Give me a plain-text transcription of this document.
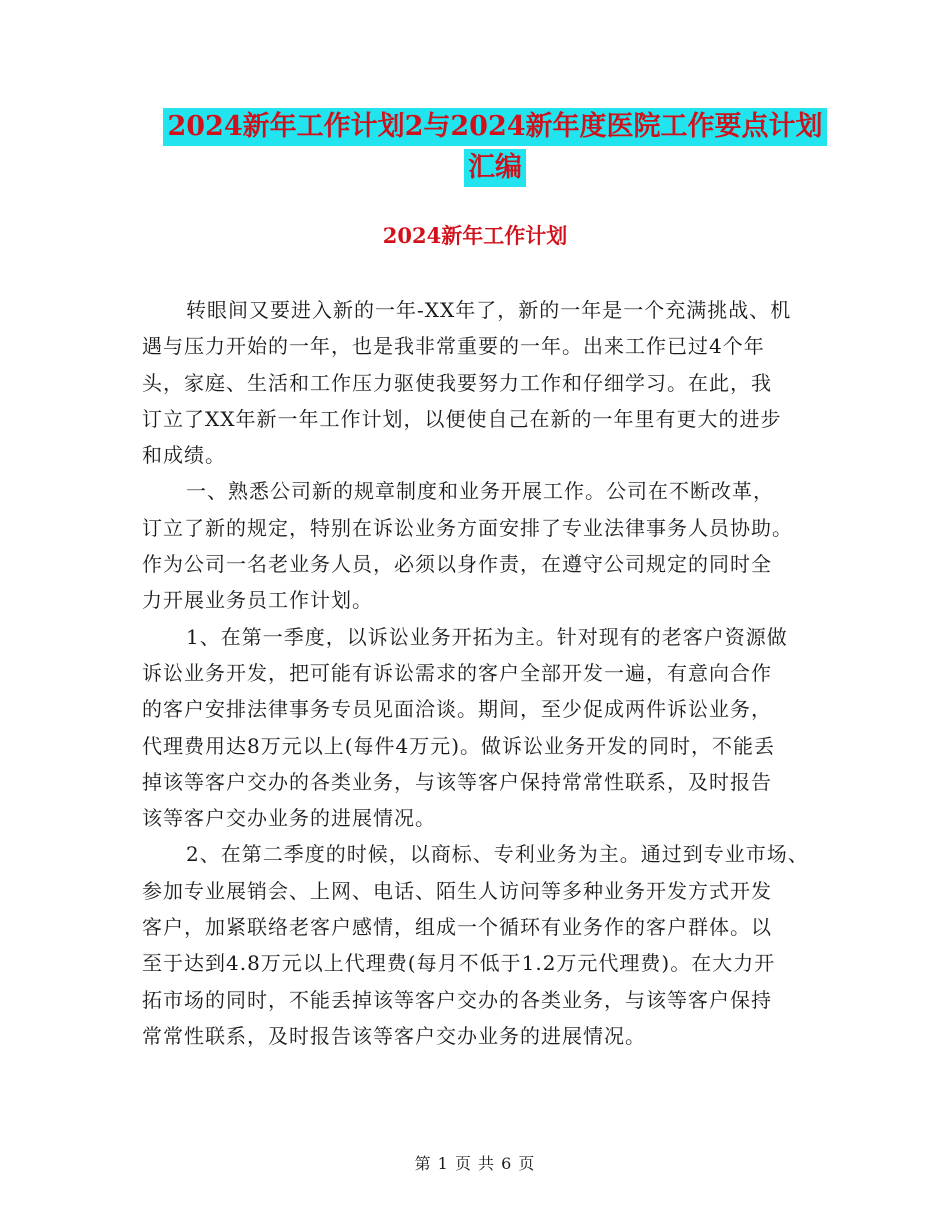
2024新年工作计划2与2024新年度医院工作要点计划
汇编
2024新年工作计划
转眼间又要进入新的一年-XX年了，新的一年是一个充满挑战、机
遇与压力开始的一年，也是我非常重要的一年。出来工作已过4个年
头，家庭、生活和工作压力驱使我要努力工作和仔细学习。在此，我
订立了XX年新一年工作计划，以便使自己在新的一年里有更大的进步
和成绩。
一、熟悉公司新的规章制度和业务开展工作。公司在不断改革，
订立了新的规定，特别在诉讼业务方面安排了专业法律事务人员协助。
作为公司一名老业务人员，必须以身作责，在遵守公司规定的同时全
力开展业务员工作计划。
1、在第一季度，以诉讼业务开拓为主。针对现有的老客户资源做
诉讼业务开发，把可能有诉讼需求的客户全部开发一遍，有意向合作
的客户安排法律事务专员见面洽谈。期间，至少促成两件诉讼业务，
代理费用达8万元以上(每件4万元)。做诉讼业务开发的同时，不能丢
掉该等客户交办的各类业务，与该等客户保持常常性联系，及时报告
该等客户交办业务的进展情况。
2、在第二季度的时候，以商标、专利业务为主。通过到专业市场、
参加专业展销会、上网、电话、陌生人访问等多种业务开发方式开发
客户，加紧联络老客户感情，组成一个循环有业务作的客户群体。以
至于达到4.8万元以上代理费(每月不低于1.2万元代理费)。在大力开
拓市场的同时，不能丢掉该等客户交办的各类业务，与该等客户保持
常常性联系，及时报告该等客户交办业务的进展情况。
第 1 页 共 6 页
